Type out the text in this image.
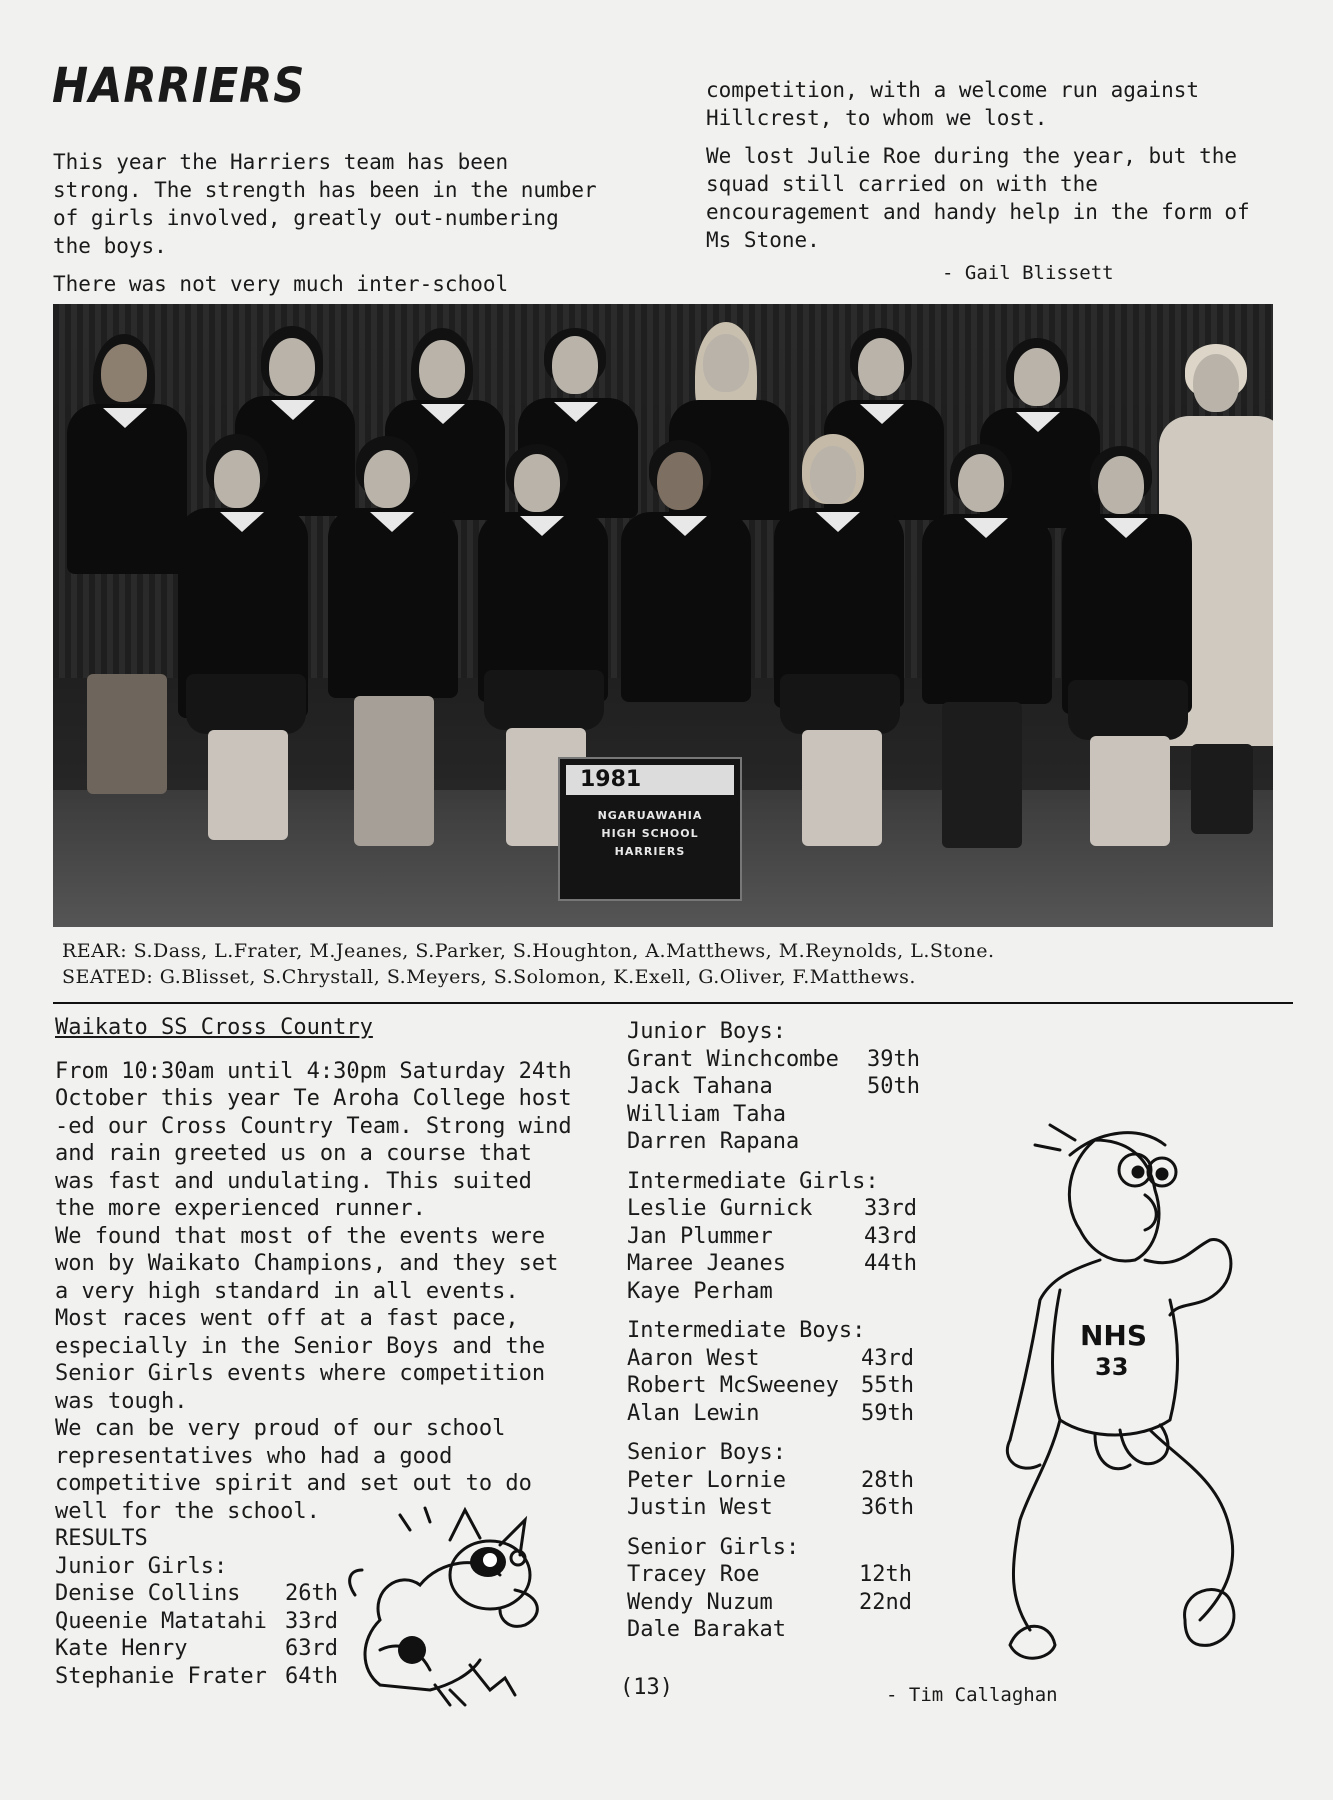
HARRIERS

This year the Harriers team has been strong. The strength has been in the number of girls involved, greatly out-numbering the boys.

There was not very much inter-school

competition, with a welcome run against Hillcrest, to whom we lost.

We lost Julie Roe during the year, but the squad still carried on with the encouragement and handy help in the form of Ms Stone.

- Gail Blissett
1981
NGARUAWAHIA
HIGH SCHOOL
HARRIERS
REAR: S.Dass, L.Frater, M.Jeanes, S.Parker, S.Houghton, A.Matthews, M.Reynolds, L.Stone.
SEATED: G.Blisset, S.Chrystall, S.Meyers, S.Solomon, K.Exell, G.Oliver, F.Matthews.
Waikato SS Cross Country
From 10:30am until 4:30pm Saturday 24th
October this year Te Aroha College host
-ed our Cross Country Team. Strong wind
and rain greeted us on a course that
was fast and undulating. This suited
the more experienced runner.
We found that most of the events were
won by Waikato Champions, and they set
a very high standard in all events.
Most races went off at a fast pace,
especially in the Senior Boys and the
Senior Girls events where competition
was tough.
We can be very proud of our school
representatives who had a good
competitive spirit and set out to do
well for the school.
RESULTS
Junior Girls:
Denise Collins 26th
Queenie Matatahi 33rd
Kate Henry	63rd
Stephanie Frater 64th
Junior Boys:
Grant Winchcombe 39th
Jack Tahana	50th
William Taha
Darren Rapana
Intermediate Girls:
Leslie Gurnick 33rd
Jan Plummer	43rd
Maree Jeanes	44th
Kaye Perham
Intermediate Boys:
Aaron West	43rd
Robert McSweeney 55th
Alan Lewin	59th
Senior Boys:
Peter Lornie	28th
Justin West	36th
Senior Girls:
Tracey Roe	12th
Wendy Nuzum	22nd
Dale Barakat
(13)	- Tim Callaghan
NHS
33
